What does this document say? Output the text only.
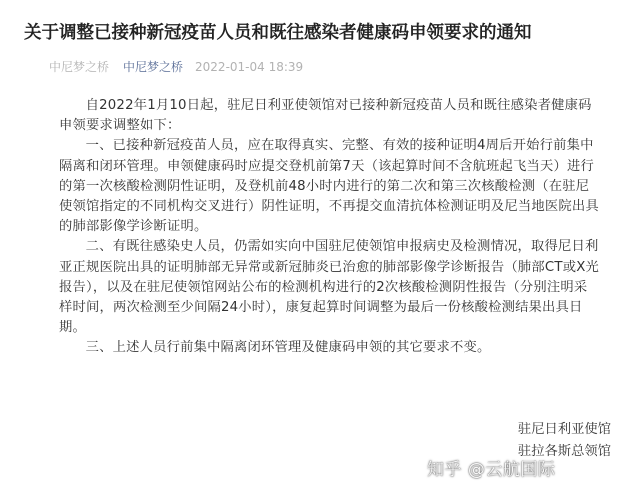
关于调整已接种新冠疫苗人员和既往感染者健康码申领要求的通知
中尼梦之桥 中尼梦之桥 2022-01-04 18:39

自2022年1月10日起，驻尼日利亚使领馆对已接种新冠疫苗人员和既往感染者健康码申领要求调整如下：

一、已接种新冠疫苗人员，应在取得真实、完整、有效的接种证明4周后开始行前集中隔离和闭环管理。申领健康码时应提交登机前第7天（该起算时间不含航班起飞当天）进行的第一次核酸检测阴性证明，及登机前48小时内进行的第二次和第三次核酸检测（在驻尼使领馆指定的不同机构交叉进行）阴性证明，不再提交血清抗体检测证明及尼当地医院出具的肺部影像学诊断证明。

二、有既往感染史人员，仍需如实向中国驻尼使领馆申报病史及检测情况，取得尼日利亚正规医院出具的证明肺部无异常或新冠肺炎已治愈的肺部影像学诊断报告（肺部CT或X光报告），以及在驻尼使领馆网站公布的检测机构进行的2次核酸检测阴性报告（分别注明采样时间，两次检测至少间隔24小时），康复起算时间调整为最后一份核酸检测结果出具日期。

三、上述人员行前集中隔离闭环管理及健康码申领的其它要求不变。

驻尼日利亚使馆
驻拉各斯总领馆
知乎 @云航国际
